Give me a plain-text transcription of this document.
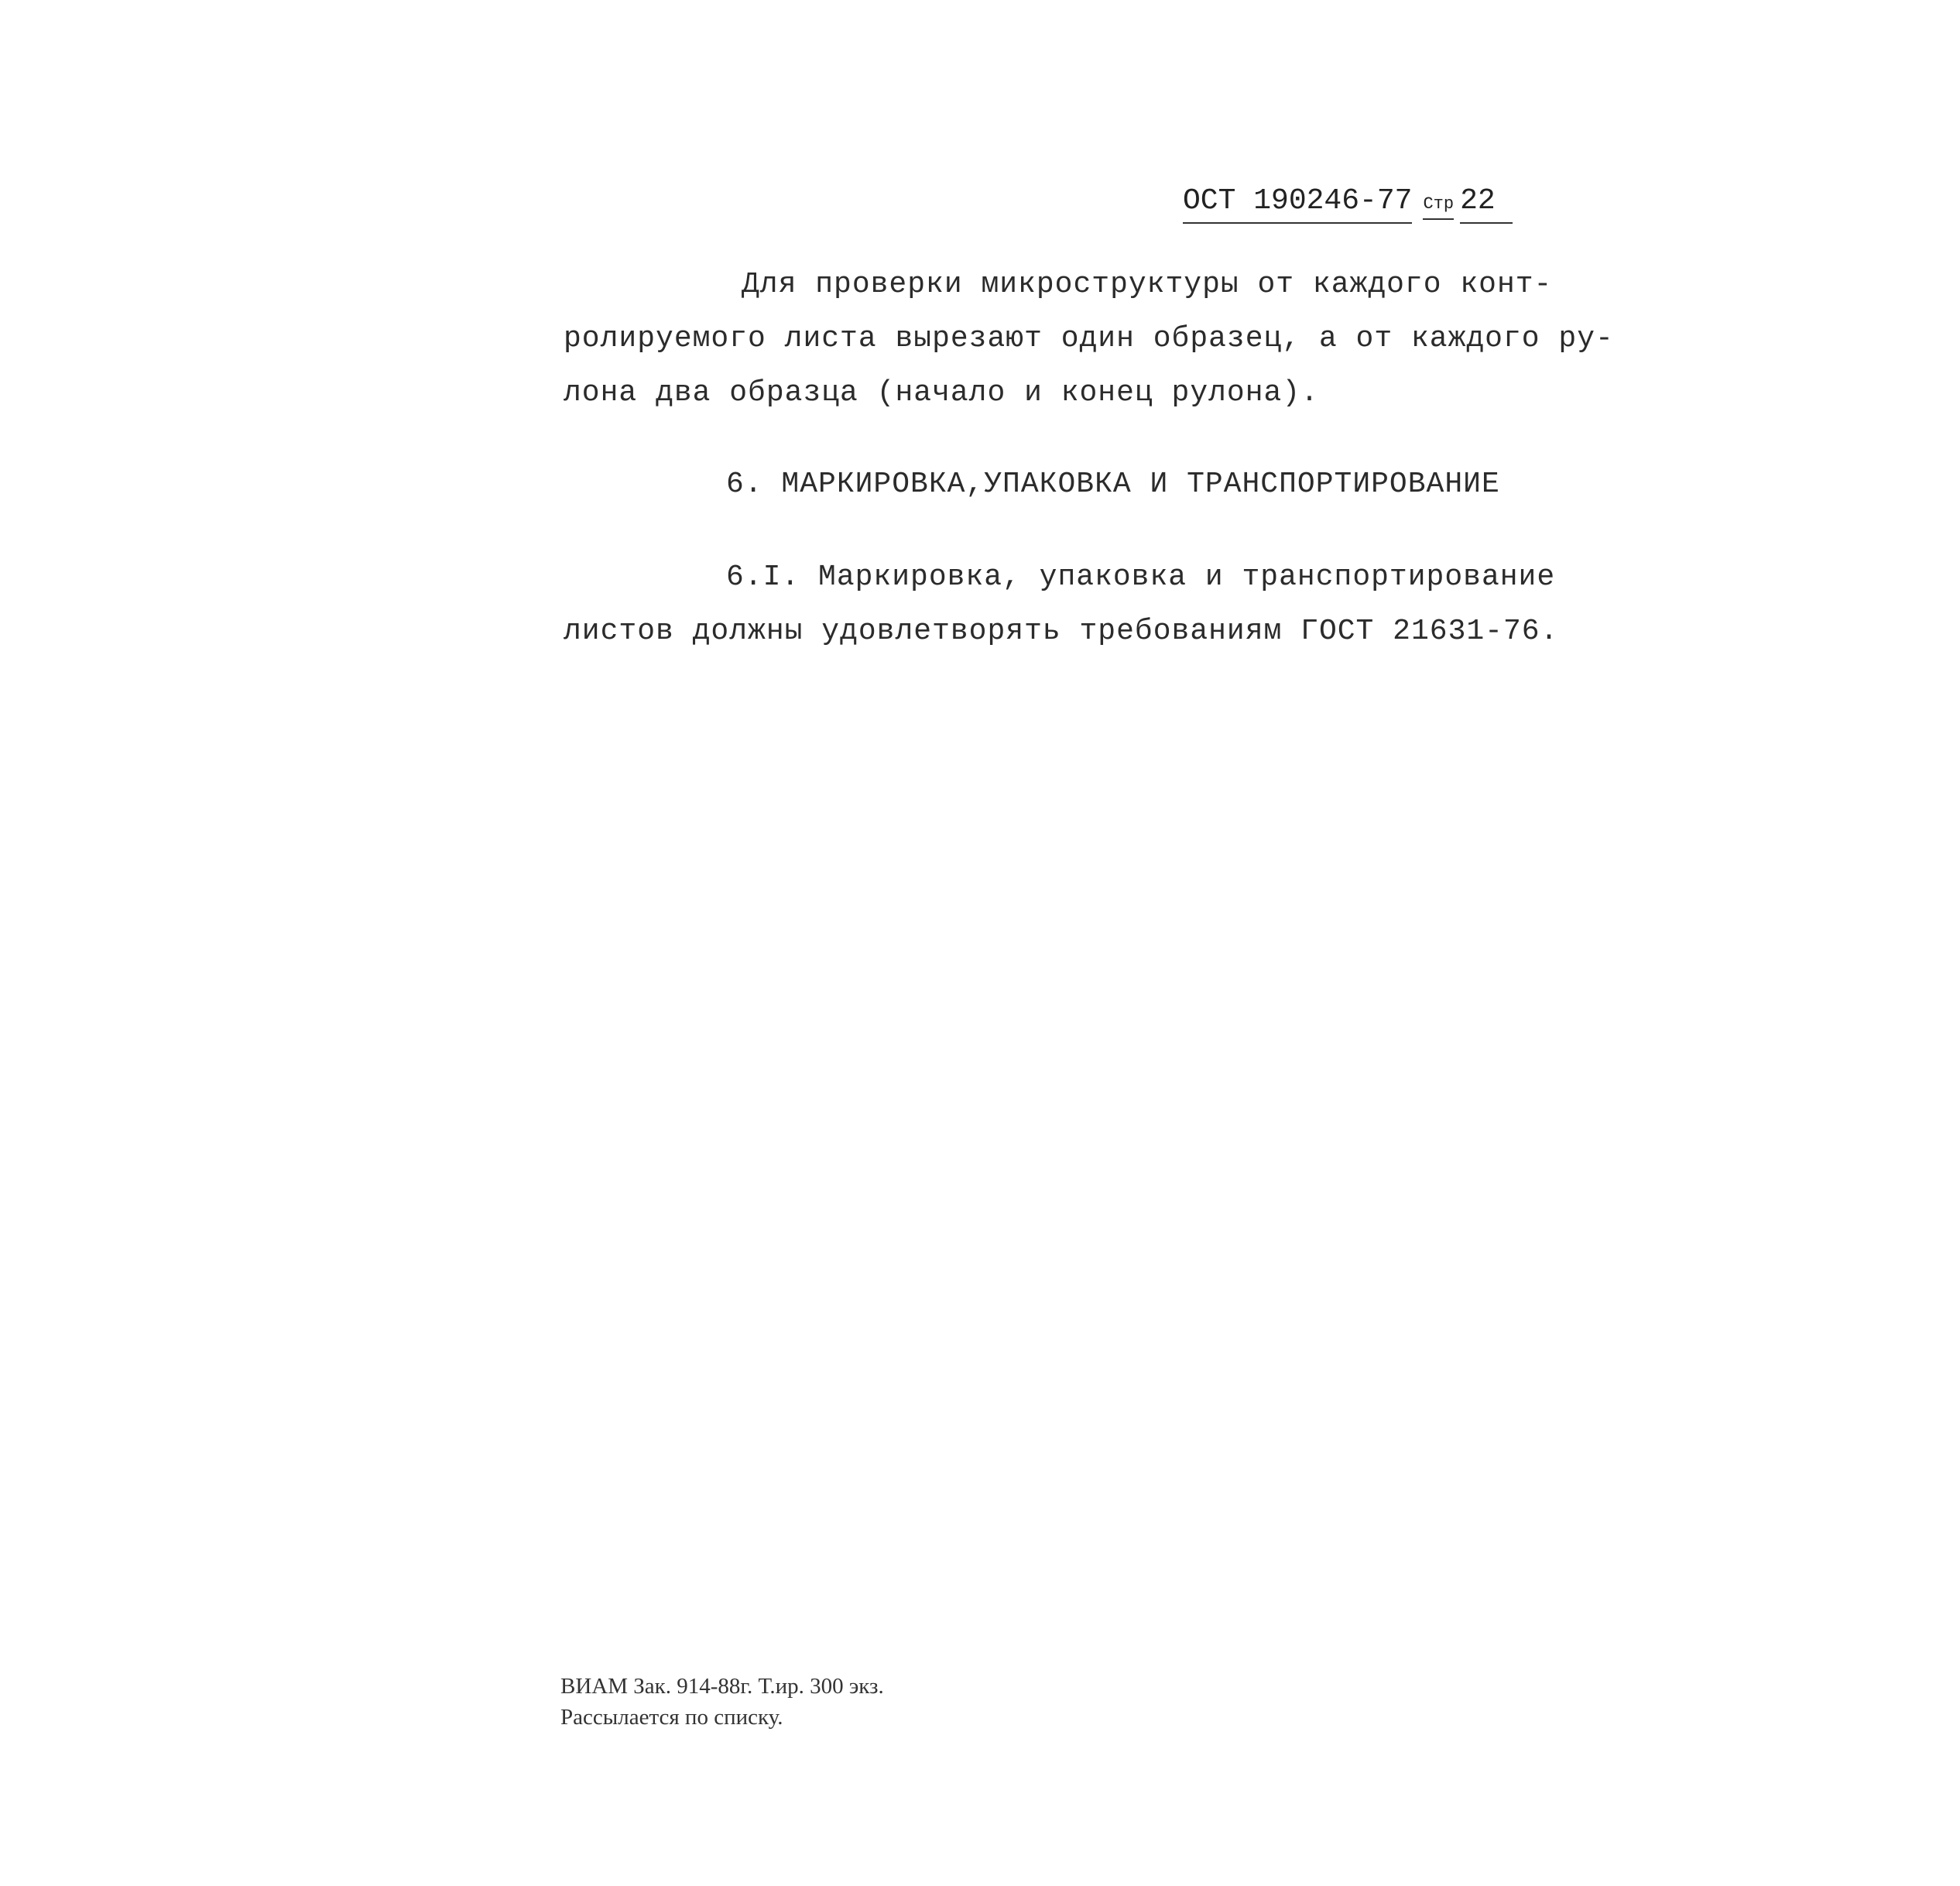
ОСТ 190246-77 Стр 22
Для проверки микроструктуры от каждого конт-
ролируемого листа вырезают один образец, а от каждого ру-
лона два образца (начало и конец рулона).
6. МАРКИРОВКА,УПАКОВКА И ТРАНСПОРТИРОВАНИЕ
6.I. Маркировка, упаковка и транспортирование
листов должны удовлетворять требованиям ГОСТ 21631-76.
ВИАМ Зак. 914-88г. Т.ир. 300 экз.
Рассылается по списку.
